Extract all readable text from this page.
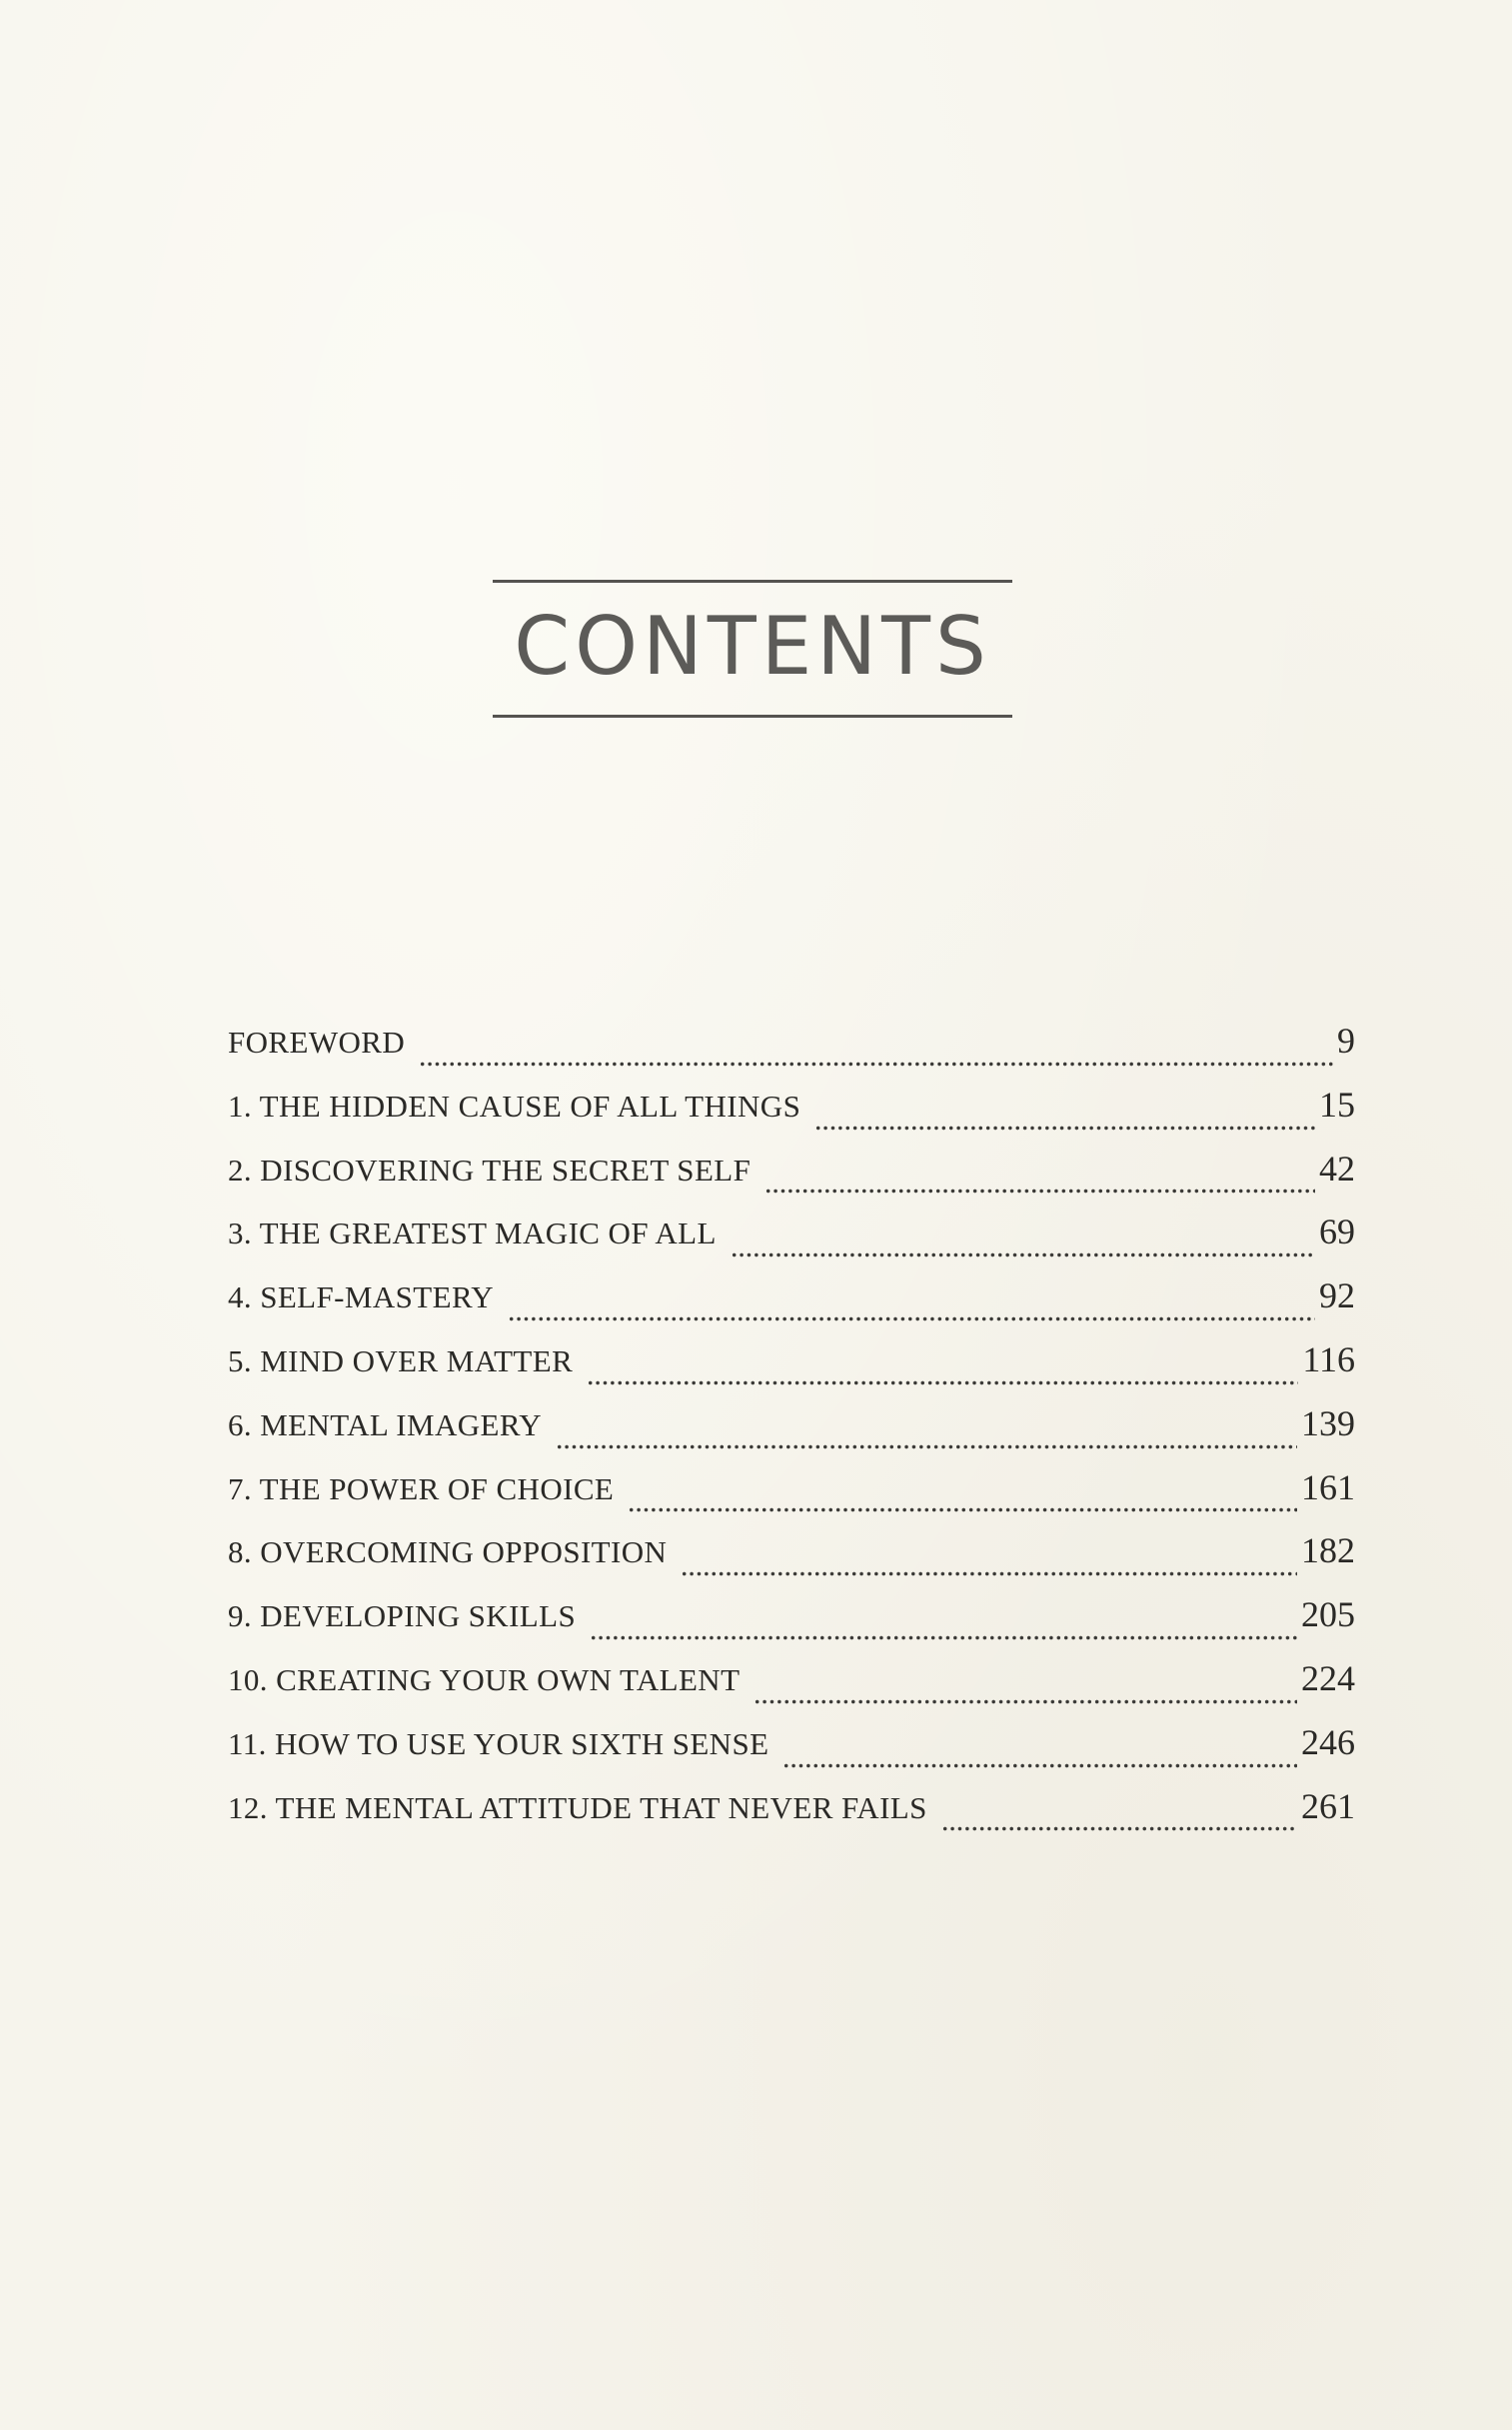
CONTENTS
FOREWORD	9
1. THE HIDDEN CAUSE OF ALL THINGS	15
2. DISCOVERING THE SECRET SELF	42
3. THE GREATEST MAGIC OF ALL	69
4. SELF-MASTERY	92
5. MIND OVER MATTER	116
6. MENTAL IMAGERY	139
7. THE POWER OF CHOICE	161
8. OVERCOMING OPPOSITION	182
9. DEVELOPING SKILLS	205
10. CREATING YOUR OWN TALENT	224
11. HOW TO USE YOUR SIXTH SENSE	246
12. THE MENTAL ATTITUDE THAT NEVER FAILS	261
